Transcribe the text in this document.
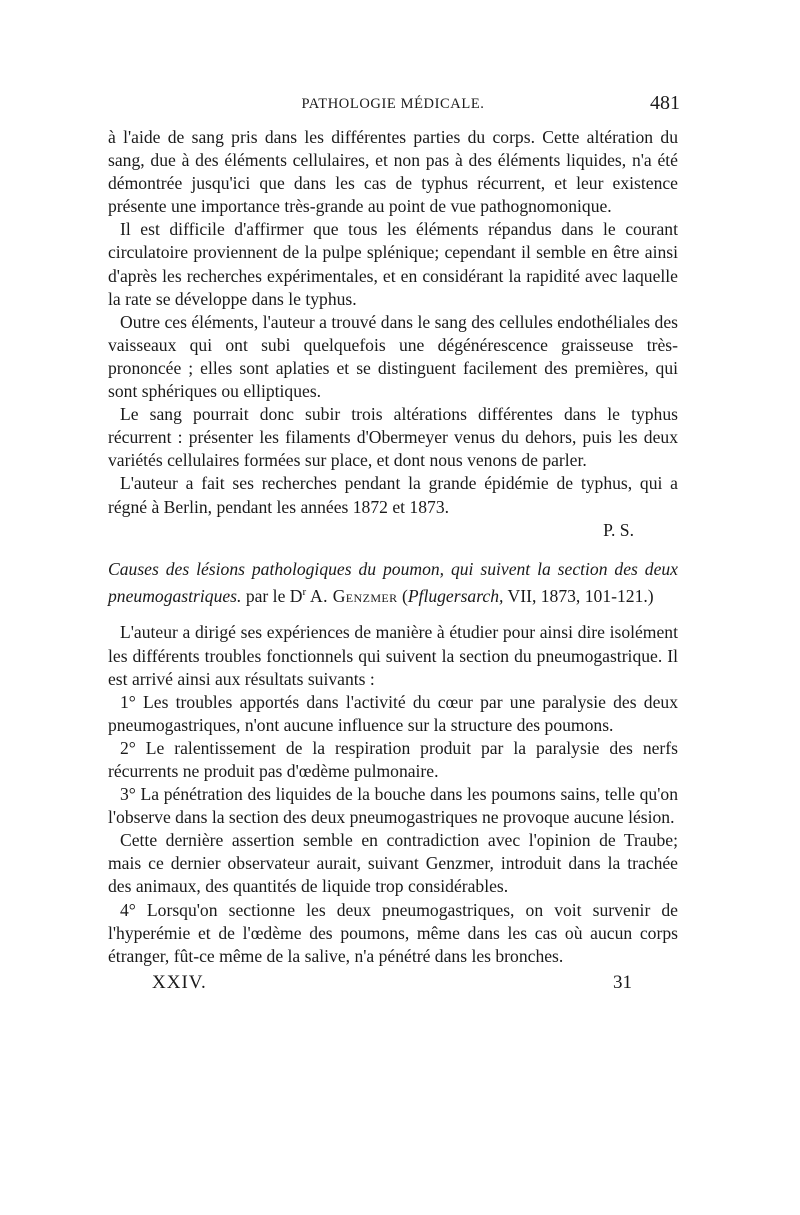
PATHOLOGIE MÉDICALE.	481

à l'aide de sang pris dans les différentes parties du corps. Cette altération du sang, due à des éléments cellulaires, et non pas à des éléments liquides, n'a été démontrée jusqu'ici que dans les cas de typhus récurrent, et leur existence présente une importance très-grande au point de vue pathognomonique.

Il est difficile d'affirmer que tous les éléments répandus dans le courant circulatoire proviennent de la pulpe splénique; cependant il semble en être ainsi d'après les recherches expérimentales, et en considérant la rapidité avec laquelle la rate se développe dans le typhus.

Outre ces éléments, l'auteur a trouvé dans le sang des cellules endothéliales des vaisseaux qui ont subi quelquefois une dégénérescence graisseuse très-prononcée ; elles sont aplaties et se distinguent facilement des premières, qui sont sphériques ou elliptiques.

Le sang pourrait donc subir trois altérations différentes dans le typhus récurrent : présenter les filaments d'Obermeyer venus du dehors, puis les deux variétés cellulaires formées sur place, et dont nous venons de parler.

L'auteur a fait ses recherches pendant la grande épidémie de typhus, qui a régné à Berlin, pendant les années 1872 et 1873.

P. S.
Causes des lésions pathologiques du poumon, qui suivent la section des deux pneumogastriques. par le $D^r$ A. Genzmer (Pflugersarch, VII, 1873, 101-121.)

L'auteur a dirigé ses expériences de manière à étudier pour ainsi dire isolément les différents troubles fonctionnels qui suivent la section du pneumogastrique. Il est arrivé ainsi aux résultats suivants :

1° Les troubles apportés dans l'activité du cœur par une paralysie des deux pneumogastriques, n'ont aucune influence sur la structure des poumons.

2° Le ralentissement de la respiration produit par la paralysie des nerfs récurrents ne produit pas d'œdème pulmonaire.

3° La pénétration des liquides de la bouche dans les poumons sains, telle qu'on l'observe dans la section des deux pneumogastriques ne provoque aucune lésion.

Cette dernière assertion semble en contradiction avec l'opinion de Traube; mais ce dernier observateur aurait, suivant Genzmer, introduit dans la trachée des animaux, des quantités de liquide trop considérables.

4° Lorsqu'on sectionne les deux pneumogastriques, on voit survenir de l'hyperémie et de l'œdème des poumons, même dans les cas où aucun corps étranger, fût-ce même de la salive, n'a pénétré dans les bronches.

XXIV.	31
